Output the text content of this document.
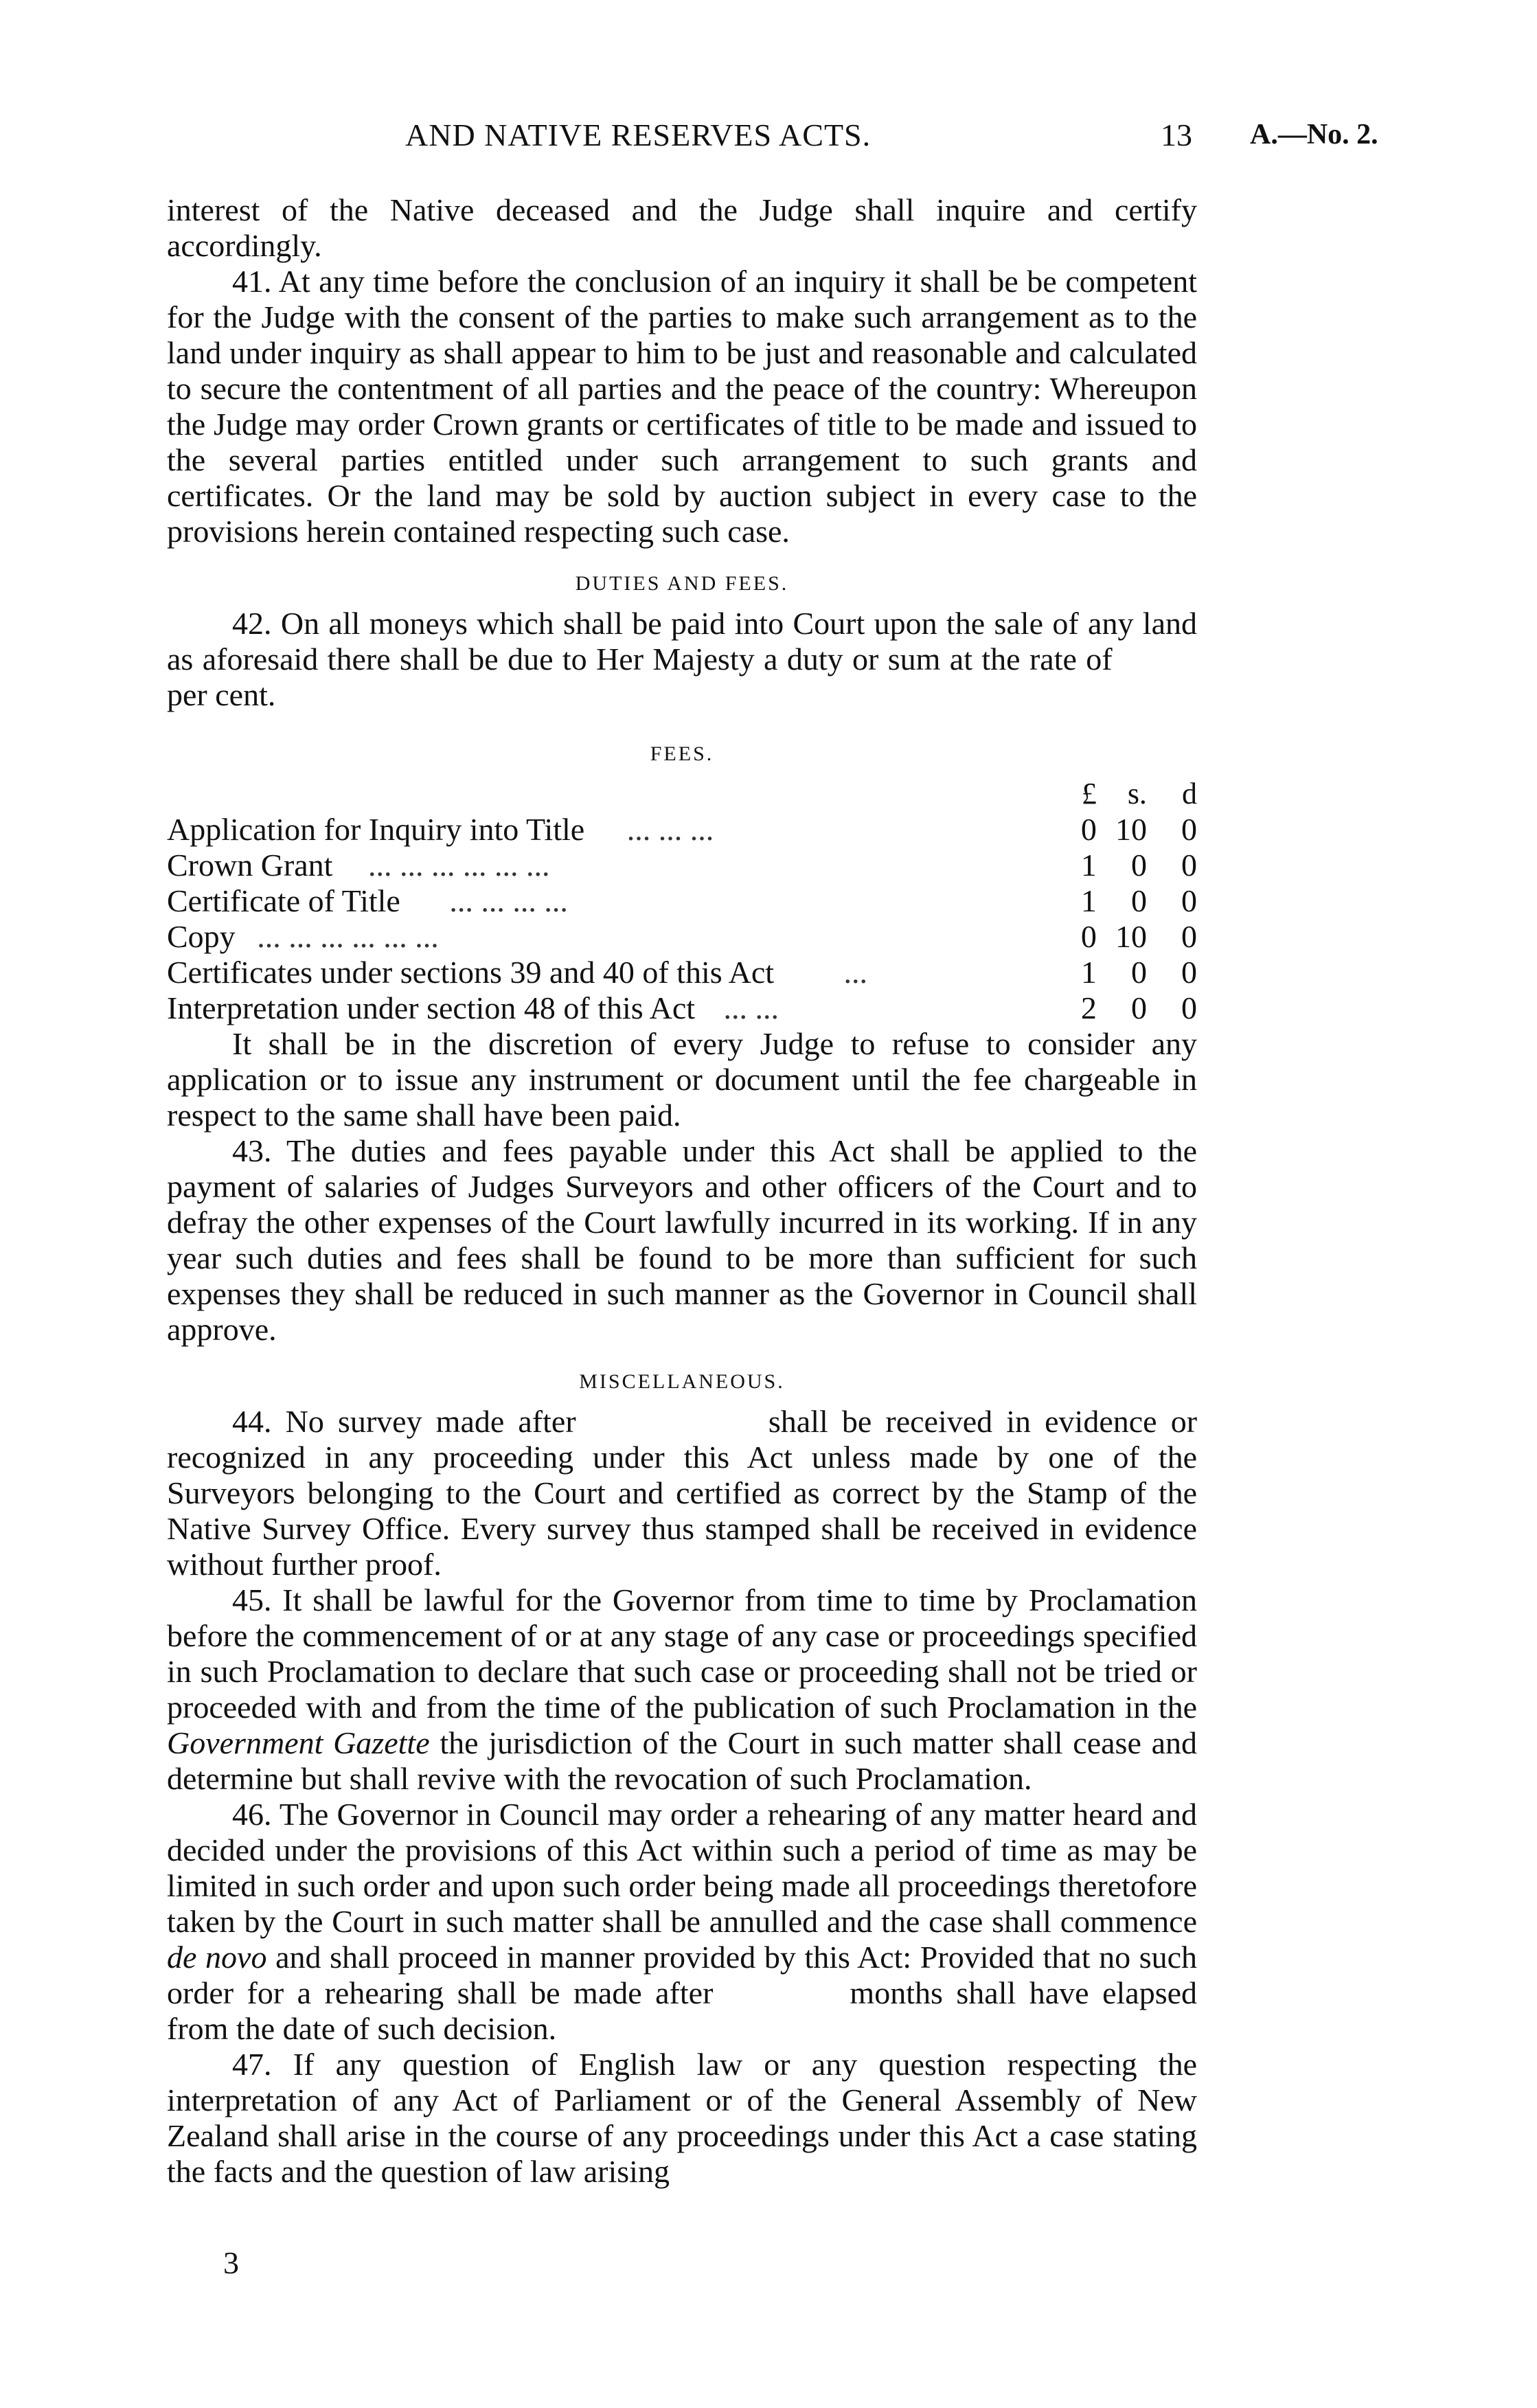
AND NATIVE RESERVES ACTS.	13 A.—No. 2.

interest of the Native deceased and the Judge shall inquire and certify accordingly.

41. At any time before the conclusion of an inquiry it shall be be competent for the Judge with the consent of the parties to make such arrangement as to the land under inquiry as shall appear to him to be just and reasonable and calculated to secure the contentment of all parties and the peace of the country: Whereupon the Judge may order Crown grants or certificates of title to be made and issued to the several parties entitled under such arrangement to such grants and certificates. Or the land may be sold by auction subject in every case to the provisions herein contained respecting such case.

DUTIES AND FEES.

42. On all moneys which shall be paid into Court upon the sale of any land as aforesaid there shall be due to Her Majesty a duty or sum at the rate of  per cent.

FEES.
	£	s.	d
Application for Inquiry into Title ... ... ...	0	10	0
Crown Grant ... ... ... ... ... ...	1	0	0
Certificate of Title ... ... ... ...	1	0	0
Copy ... ... ... ... ... ...	0	10	0
Certificates under sections 39 and 40 of this Act ...	1	0	0
Interpretation under section 48 of this Act ... ...	2	0	0

It shall be in the discretion of every Judge to refuse to consider any application or to issue any instrument or document until the fee chargeable in respect to the same shall have been paid.

43. The duties and fees payable under this Act shall be applied to the payment of salaries of Judges Surveyors and other officers of the Court and to defray the other expenses of the Court lawfully incurred in its working. If in any year such duties and fees shall be found to be more than sufficient for such expenses they shall be reduced in such manner as the Governor in Council shall approve.

MISCELLANEOUS.

44. No survey made after	shall be received in evidence or recognized in any proceeding under this Act unless made by one of the Surveyors belonging to the Court and certified as correct by the Stamp of the Native Survey Office. Every survey thus stamped shall be received in evidence without further proof.

45. It shall be lawful for the Governor from time to time by Proclamation before the commencement of or at any stage of any case or proceedings specified in such Proclamation to declare that such case or proceeding shall not be tried or proceeded with and from the time of the publication of such Proclamation in the Government Gazette the jurisdiction of the Court in such matter shall cease and determine but shall revive with the revocation of such Proclamation.

46. The Governor in Council may order a rehearing of any matter heard and decided under the provisions of this Act within such a period of time as may be limited in such order and upon such order being made all proceedings theretofore taken by the Court in such matter shall be annulled and the case shall commence de novo and shall proceed in manner provided by this Act: Provided that no such order for a rehearing shall be made after	months shall have elapsed from the date of such decision.

47. If any question of English law or any question respecting the interpretation of any Act of Parliament or of the General Assembly of New Zealand shall arise in the course of any proceedings under this Act a case stating the facts and the question of law arising

3
